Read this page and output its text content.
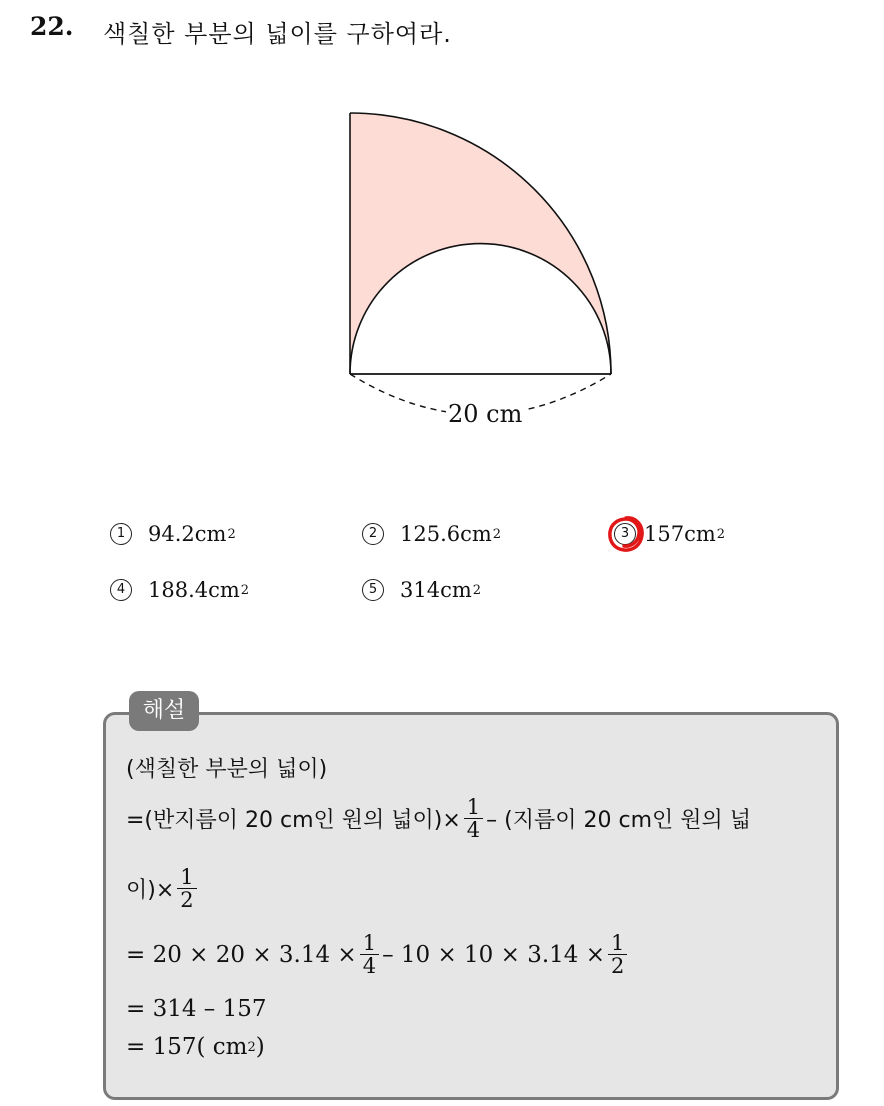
22. 색칠한 부분의 넓이를 구하여라.
20 cm
1	94.2cm 2	2	125.6cm 2	3 157cm 2
4	188.4cm 2	5	314cm 2
해설
(색칠한 부분의 넓이)
=(반지름이 20 cm인 원의 넓이)× $\frac{1}{4}$ – (지름이 20 cm인 원의 넓
이)× $\frac{1}{2}$
= $20 \times 20 \times 3.14 \times \frac{1}{4} - 10 \times 10 \times 3.14 \times \frac{1}{2}$
= 314 – 157
= 157( cm 2 )
